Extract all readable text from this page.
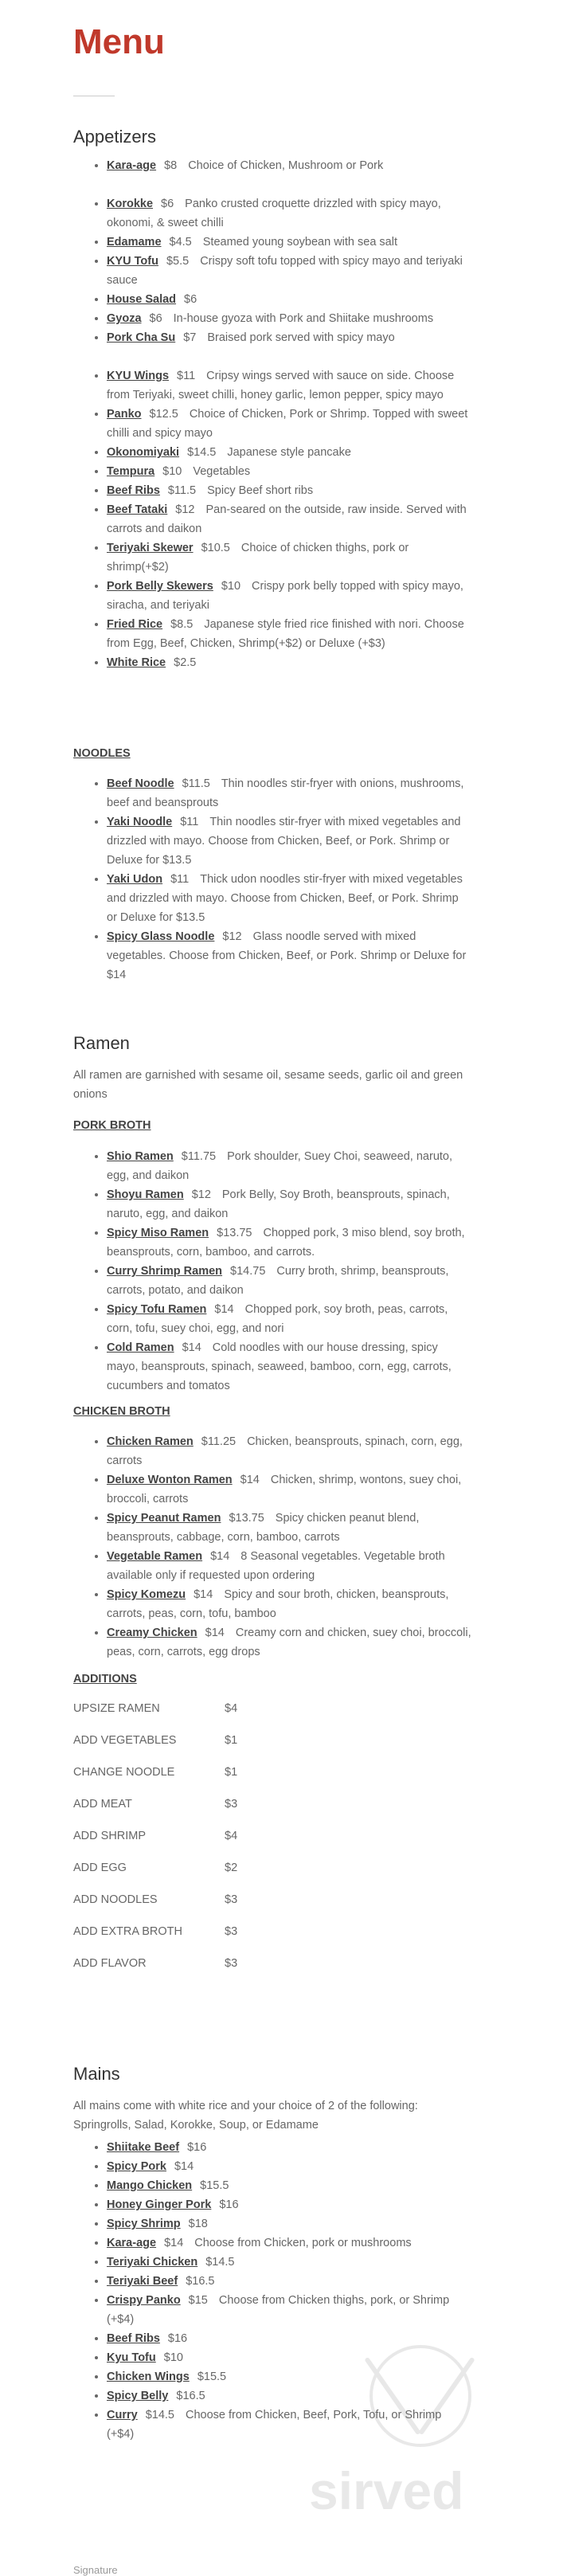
Menu
Appetizers
• Kara-age $8 Choice of Chicken, Mushroom or Pork
• Korokke $6 Panko crusted croquette drizzled with spicy mayo, okonomi, & sweet chilli
• Edamame $4.5 Steamed young soybean with sea salt
• KYU Tofu $5.5 Crispy soft tofu topped with spicy mayo and teriyaki sauce
• House Salad $6
• Gyoza $6 In-house gyoza with Pork and Shiitake mushrooms
• Pork Cha Su $7 Braised pork served with spicy mayo
• KYU Wings $11 Cripsy wings served with sauce on side. Choose from Teriyaki, sweet chilli, honey garlic, lemon pepper, spicy mayo
• Panko $12.5 Choice of Chicken, Pork or Shrimp. Topped with sweet chilli and spicy mayo
• Okonomiyaki $14.5 Japanese style pancake
• Tempura $10 Vegetables
• Beef Ribs $11.5 Spicy Beef short ribs
• Beef Tataki $12 Pan-seared on the outside, raw inside. Served with carrots and daikon
• Teriyaki Skewer $10.5 Choice of chicken thighs, pork or shrimp(+$2)
• Pork Belly Skewers $10 Crispy pork belly topped with spicy mayo, siracha, and teriyaki
• Fried Rice $8.5 Japanese style fried rice finished with nori. Choose from Egg, Beef, Chicken, Shrimp(+$2) or Deluxe (+$3)
• White Rice $2.5
NOODLES
• Beef Noodle $11.5 Thin noodles stir-fryer with onions, mushrooms, beef and beansprouts
• Yaki Noodle $11 Thin noodles stir-fryer with mixed vegetables and drizzled with mayo. Choose from Chicken, Beef, or Pork. Shrimp or Deluxe for $13.5
• Yaki Udon $11 Thick udon noodles stir-fryer with mixed vegetables and drizzled with mayo. Choose from Chicken, Beef, or Pork. Shrimp or Deluxe for $13.5
• Spicy Glass Noodle $12 Glass noodle served with mixed vegetables. Choose from Chicken, Beef, or Pork. Shrimp or Deluxe for $14
Ramen

All ramen are garnished with sesame oil, sesame seeds, garlic oil and green onions

PORK BROTH
• Shio Ramen $11.75 Pork shoulder, Suey Choi, seaweed, naruto, egg, and daikon
• Shoyu Ramen $12 Pork Belly, Soy Broth, beansprouts, spinach, naruto, egg, and daikon
• Spicy Miso Ramen $13.75 Chopped pork, 3 miso blend, soy broth, beansprouts, corn, bamboo, and carrots.
• Curry Shrimp Ramen $14.75 Curry broth, shrimp, beansprouts, carrots, potato, and daikon
• Spicy Tofu Ramen $14 Chopped pork, soy broth, peas, carrots, corn, tofu, suey choi, egg, and nori
• Cold Ramen $14 Cold noodles with our house dressing, spicy mayo, beansprouts, spinach, seaweed, bamboo, corn, egg, carrots, cucumbers and tomatos
CHICKEN BROTH
• Chicken Ramen $11.25 Chicken, beansprouts, spinach, corn, egg, carrots
• Deluxe Wonton Ramen $14 Chicken, shrimp, wontons, suey choi, broccoli, carrots
• Spicy Peanut Ramen $13.75 Spicy chicken peanut blend, beansprouts, cabbage, corn, bamboo, carrots
• Vegetable Ramen $14 8 Seasonal vegetables. Vegetable broth available only if requested upon ordering
• Spicy Komezu $14 Spicy and sour broth, chicken, beansprouts, carrots, peas, corn, tofu, bamboo
• Creamy Chicken $14 Creamy corn and chicken, suey choi, broccoli, peas, corn, carrots, egg drops
ADDITIONS
UPSIZE RAMEN	$4
ADD VEGETABLES	$1
CHANGE NOODLE	$1
ADD MEAT	$3
ADD SHRIMP	$4
ADD EGG	$2
ADD NOODLES	$3
ADD EXTRA BROTH	$3
ADD FLAVOR	$3
Mains

All mains come with white rice and your choice of 2 of the following: Springrolls, Salad, Korokke, Soup, or Edamame

• Shiitake Beef $16
• Spicy Pork $14
• Mango Chicken $15.5
• Honey Ginger Pork $16
• Spicy Shrimp $18
• Kara-age $14 Choose from Chicken, pork or mushrooms
• Teriyaki Chicken $14.5
• Teriyaki Beef $16.5
• Crispy Panko $15 Choose from Chicken thighs, pork, or Shrimp (+$4)
• Beef Ribs $16
• Kyu Tofu $10
• Chicken Wings $15.5
• Spicy Belly $16.5
• Curry $14.5 Choose from Chicken, Beef, Pork, Tofu, or Shrimp (+$4)
sirved
Signature
